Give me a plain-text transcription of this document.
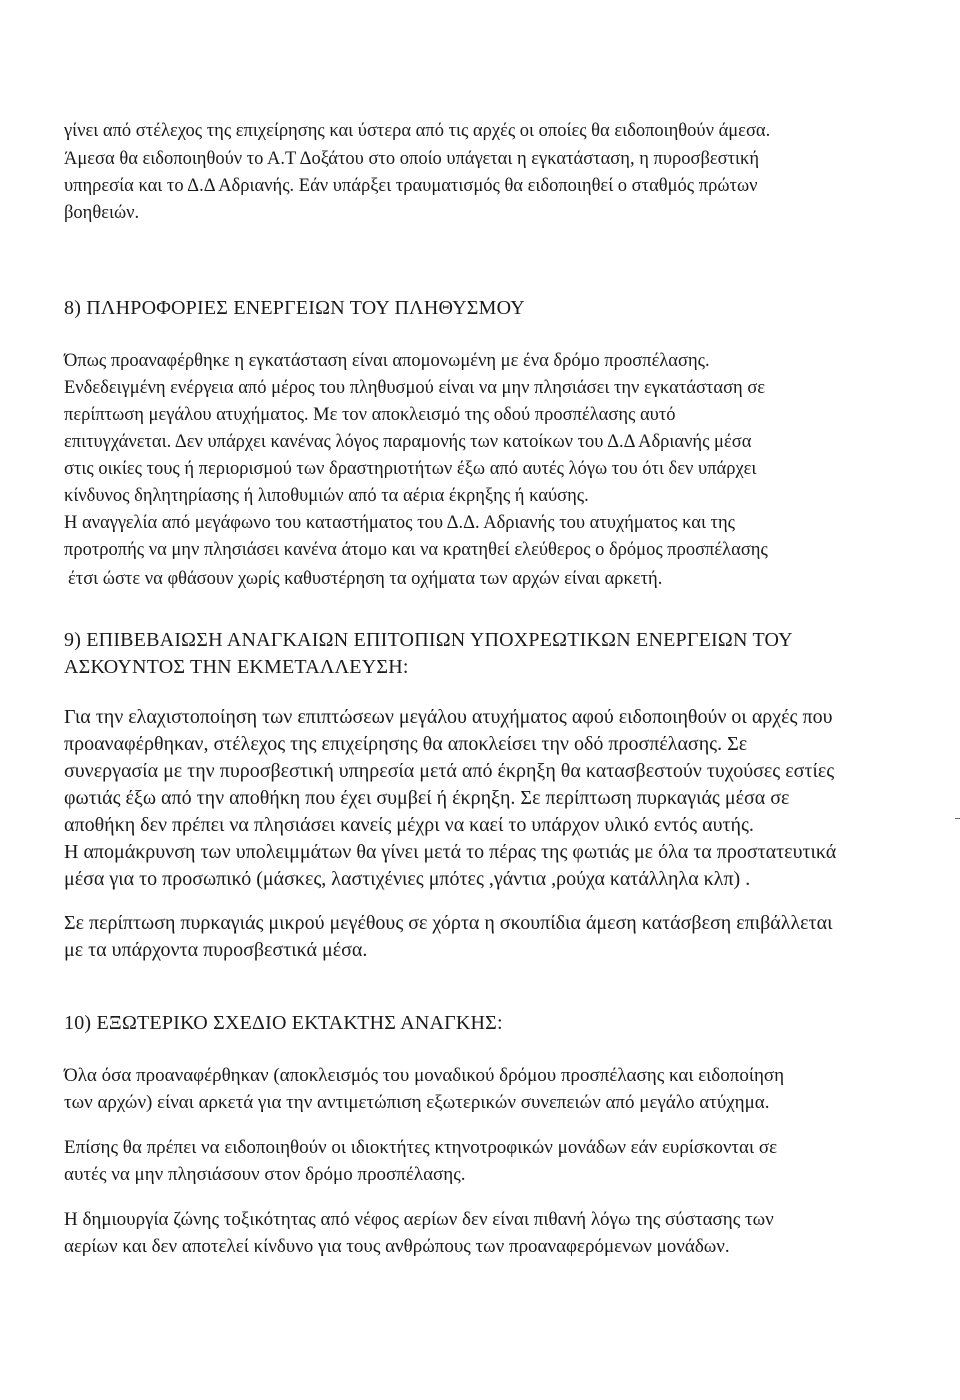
γίνει από στέλεχος της επιχείρησης και ύστερα από τις αρχές οι οποίες θα ειδοποιηθούν άμεσα.
Άμεσα θα ειδοποιηθούν το Α.Τ Δοξάτου στο οποίο υπάγεται η εγκατάσταση, η πυροσβεστική
υπηρεσία και το Δ.Δ Αδριανής. Εάν υπάρξει τραυματισμός θα ειδοποιηθεί ο σταθμός πρώτων
βοηθειών.
8) ΠΛΗΡΟΦΟΡΙΕΣ ΕΝΕΡΓΕΙΩΝ ΤΟΥ ΠΛΗΘΥΣΜΟΥ
Όπως προαναφέρθηκε η εγκατάσταση είναι απομονωμένη με ένα δρόμο προσπέλασης.
Ενδεδειγμένη ενέργεια από μέρος του πληθυσμού είναι να μην πλησιάσει την εγκατάσταση σε
περίπτωση μεγάλου ατυχήματος. Με τον αποκλεισμό της οδού προσπέλασης αυτό
επιτυγχάνεται. Δεν υπάρχει κανένας λόγος παραμονής των κατοίκων του Δ.Δ Αδριανής μέσα
στις οικίες τους ή περιορισμού των δραστηριοτήτων έξω από αυτές λόγω του ότι δεν υπάρχει
κίνδυνος δηλητηρίασης ή λιποθυμιών από τα αέρια έκρηξης ή καύσης.
Η αναγγελία από μεγάφωνο του καταστήματος του Δ.Δ. Αδριανής του ατυχήματος και της
προτροπής να μην πλησιάσει κανένα άτομο και να κρατηθεί ελεύθερος ο δρόμος προσπέλασης
έτσι ώστε να φθάσουν χωρίς καθυστέρηση τα οχήματα των αρχών είναι αρκετή.
9) ΕΠΙΒΕΒΑΙΩΣΗ ΑΝΑΓΚΑΙΩΝ ΕΠΙΤΟΠΙΩΝ ΥΠΟΧΡΕΩΤΙΚΩΝ ΕΝΕΡΓΕΙΩΝ ΤΟΥ
ΑΣΚΟΥΝΤΟΣ ΤΗΝ ΕΚΜΕΤΑΛΛΕΥΣΗ:
Για την ελαχιστοποίηση των επιπτώσεων μεγάλου ατυχήματος αφού ειδοποιηθούν οι αρχές που
προαναφέρθηκαν, στέλεχος της επιχείρησης θα αποκλείσει την οδό προσπέλασης. Σε
συνεργασία με την πυροσβεστική υπηρεσία μετά από έκρηξη θα κατασβεστούν τυχούσες εστίες
φωτιάς έξω από την αποθήκη που έχει συμβεί ή έκρηξη. Σε περίπτωση πυρκαγιάς μέσα σε
αποθήκη δεν πρέπει να πλησιάσει κανείς μέχρι να καεί το υπάρχον υλικό εντός αυτής.
Η απομάκρυνση των υπολειμμάτων θα γίνει μετά το πέρας της φωτιάς με όλα τα προστατευτικά
μέσα για το προσωπικό (μάσκες, λαστιχένιες μπότες ,γάντια ,ρούχα κατάλληλα κλπ) .
Σε περίπτωση πυρκαγιάς μικρού μεγέθους σε χόρτα η σκουπίδια άμεση κατάσβεση επιβάλλεται
με τα υπάρχοντα πυροσβεστικά μέσα.
10) ΕΞΩΤΕΡΙΚΟ ΣΧΕΔΙΟ ΕΚΤΑΚΤΗΣ ΑΝΑΓΚΗΣ:
Όλα όσα προαναφέρθηκαν (αποκλεισμός του μοναδικού δρόμου προσπέλασης και ειδοποίηση
των αρχών) είναι αρκετά για την αντιμετώπιση εξωτερικών συνεπειών από μεγάλο ατύχημα.
Επίσης θα πρέπει να ειδοποιηθούν οι ιδιοκτήτες κτηνοτροφικών μονάδων εάν ευρίσκονται σε
αυτές να μην πλησιάσουν στον δρόμο προσπέλασης.
Η δημιουργία ζώνης τοξικότητας από νέφος αερίων δεν είναι πιθανή λόγω της σύστασης των
αερίων και δεν αποτελεί κίνδυνο για τους ανθρώπους των προαναφερόμενων μονάδων.
